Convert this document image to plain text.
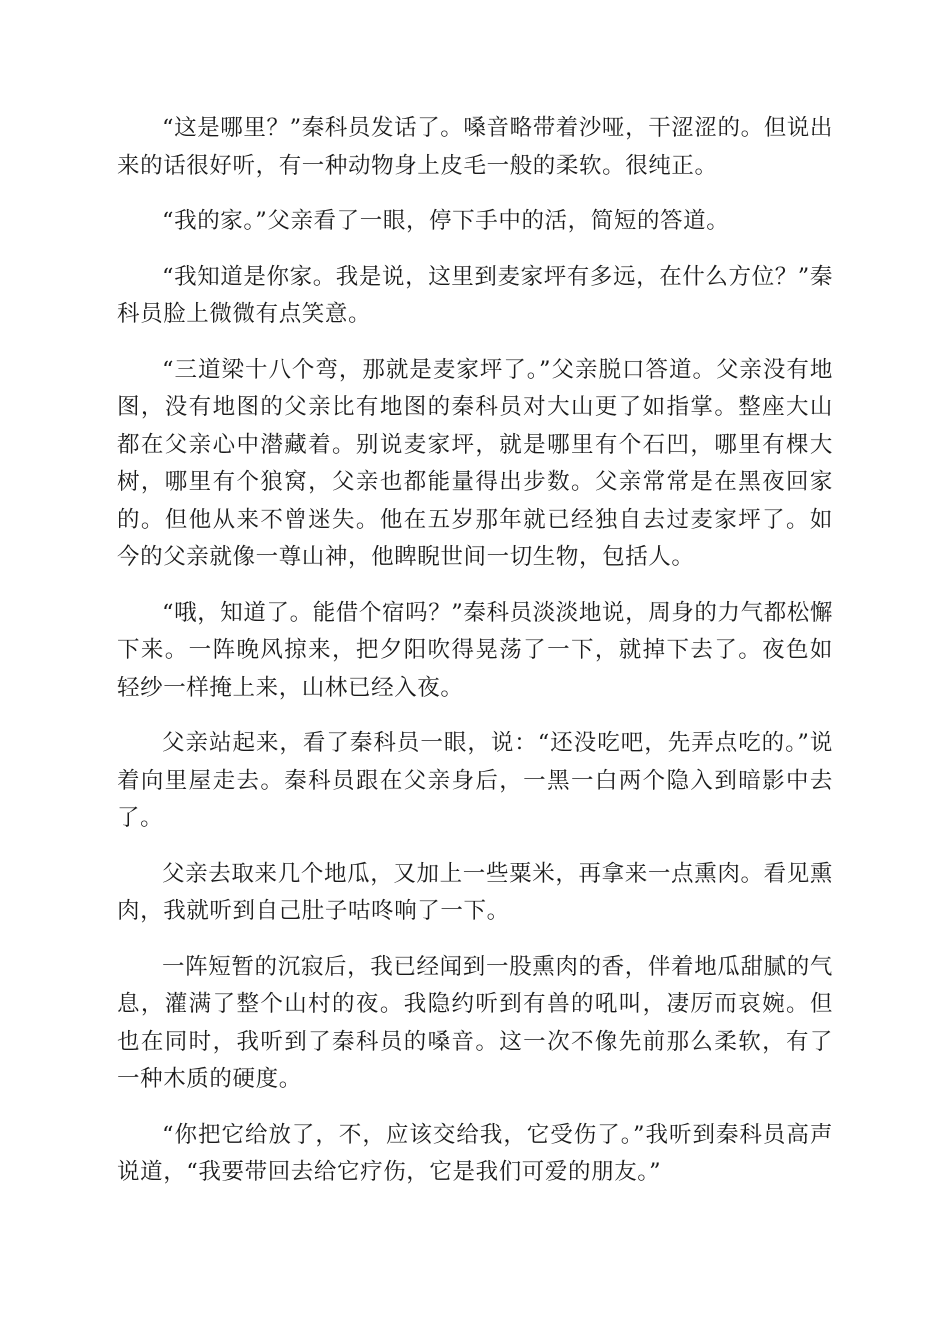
“这是哪里？”秦科员发话了。嗓音略带着沙哑，干涩涩的。但说出来的话很好听，有一种动物身上皮毛一般的柔软。很纯正。

“我的家。”父亲看了一眼，停下手中的活，简短的答道。

“我知道是你家。我是说，这里到麦家坪有多远，在什么方位？”秦科员脸上微微有点笑意。

“三道梁十八个弯，那就是麦家坪了。”父亲脱口答道。父亲没有地图，没有地图的父亲比有地图的秦科员对大山更了如指掌。整座大山都在父亲心中潜藏着。别说麦家坪，就是哪里有个石凹，哪里有棵大树，哪里有个狼窝，父亲也都能量得出步数。父亲常常是在黑夜回家的。但他从来不曾迷失。他在五岁那年就已经独自去过麦家坪了。如今的父亲就像一尊山神，他睥睨世间一切生物，包括人。

“哦，知道了。能借个宿吗？”秦科员淡淡地说，周身的力气都松懈下来。一阵晚风掠来，把夕阳吹得晃荡了一下，就掉下去了。夜色如轻纱一样掩上来，山林已经入夜。

父亲站起来，看了秦科员一眼，说：“还没吃吧，先弄点吃的。”说着向里屋走去。秦科员跟在父亲身后，一黑一白两个隐入到暗影中去了。

父亲去取来几个地瓜，又加上一些粟米，再拿来一点熏肉。看见熏肉，我就听到自己肚子咕咚响了一下。

一阵短暂的沉寂后，我已经闻到一股熏肉的香，伴着地瓜甜腻的气息，灌满了整个山村的夜。我隐约听到有兽的吼叫，凄厉而哀婉。但也在同时，我听到了秦科员的嗓音。这一次不像先前那么柔软，有了一种木质的硬度。

“你把它给放了，不，应该交给我，它受伤了。”我听到秦科员高声说道，“我要带回去给它疗伤，它是我们可爱的朋友。”
